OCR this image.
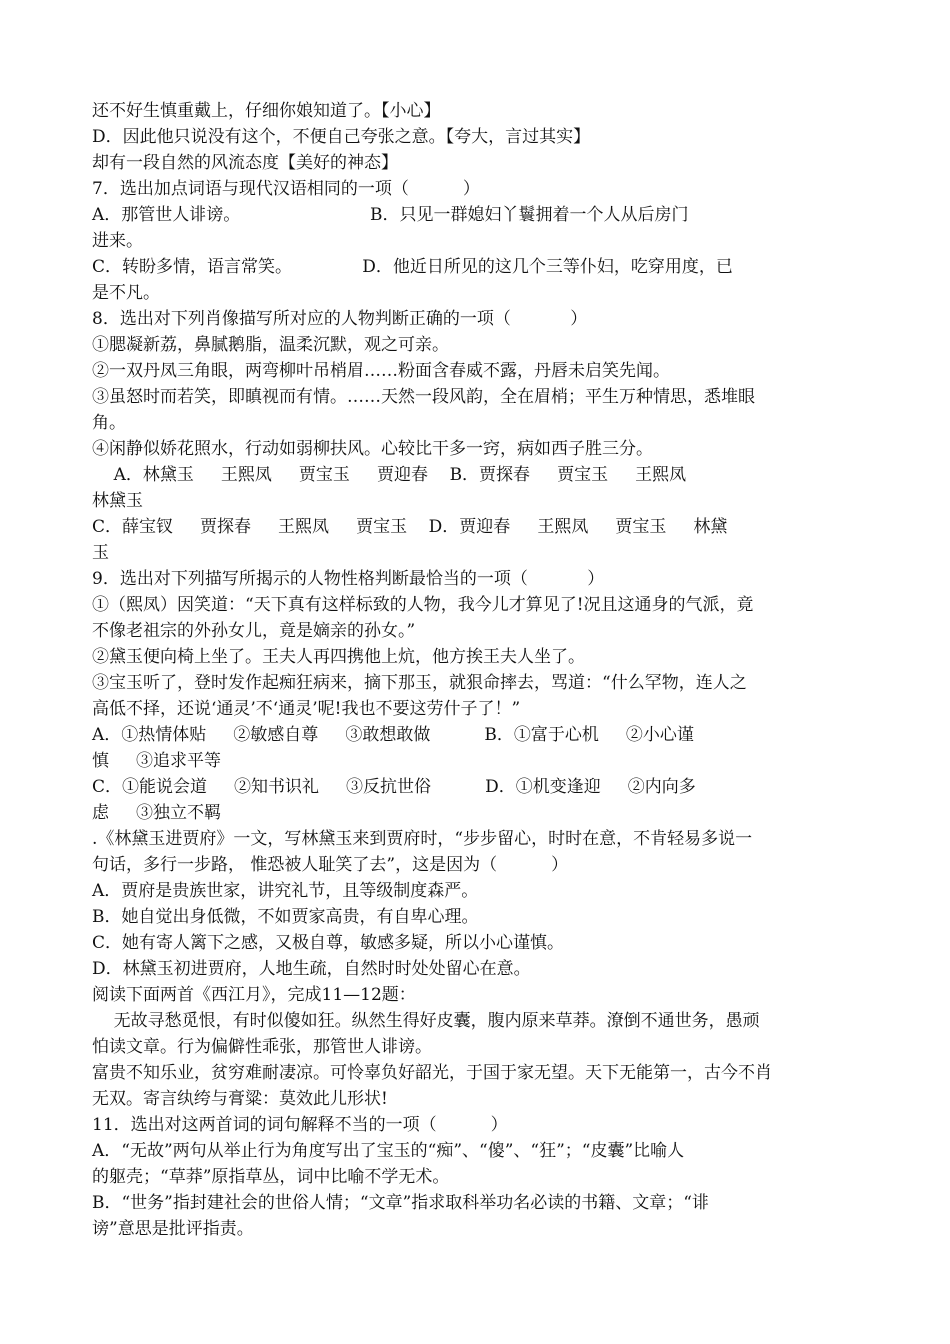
还不好生慎重戴上，仔细你娘知道了。【小心】
D．因此他只说没有这个，不便自己夸张之意。【夸大，言过其实】
却有一段自然的风流态度【美好的神态】
7．选出加点词语与现代汉语相同的一项（          ）
A．那管世人诽谤。                        B．只见一群媳妇丫鬟拥着一个人从后房门
进来。
C．转盼多情，语言常笑。             D．他近日所见的这几个三等仆妇，吃穿用度，已
是不凡。
8．选出对下列肖像描写所对应的人物判断正确的一项（           ）
①腮凝新荔，鼻腻鹅脂，温柔沉默，观之可亲。
②一双丹凤三角眼，两弯柳叶吊梢眉……粉面含春威不露，丹唇未启笑先闻。
③虽怒时而若笑，即瞋视而有情。……天然一段风韵，全在眉梢；平生万种情思，悉堆眼
角。
④闲静似娇花照水，行动如弱柳扶风。心较比干多一窍，病如西子胜三分。
A．林黛玉     王熙凤     贾宝玉     贾迎春    B．贾探春     贾宝玉     王熙凤
林黛玉
C．薛宝钗     贾探春     王熙凤     贾宝玉    D．贾迎春     王熙凤     贾宝玉     林黛
玉
9．选出对下列描写所揭示的人物性格判断最恰当的一项（           ）
①（熙凤）因笑道：“天下真有这样标致的人物，我今儿才算见了!况且这通身的气派，竟
不像老祖宗的外孙女儿，竟是嫡亲的孙女。”
②黛玉便向椅上坐了。王夫人再四携他上炕，他方挨王夫人坐了。
③宝玉听了，登时发作起痴狂病来，摘下那玉，就狠命摔去，骂道：“什么罕物，连人之
高低不择，还说‘通灵’不‘通灵’呢!我也不要这劳什子了！”
A．①热情体贴     ②敏感自尊     ③敢想敢做          B．①富于心机     ②小心谨
慎     ③追求平等
C．①能说会道     ②知书识礼     ③反抗世俗          D．①机变逢迎     ②内向多
虑     ③独立不羁
.《林黛玉进贾府》一文，写林黛玉来到贾府时，“步步留心，时时在意，不肯轻易多说一
句话，多行一步路， 惟恐被人耻笑了去”，这是因为（          ）
A．贾府是贵族世家，讲究礼节，且等级制度森严。
B．她自觉出身低微，不如贾家高贵，有自卑心理。
C．她有寄人篱下之感，又极自尊，敏感多疑，所以小心谨慎。
D．林黛玉初进贾府，人地生疏，自然时时处处留心在意。
阅读下面两首《西江月》，完成11—12题：
无故寻愁觅恨，有时似傻如狂。纵然生得好皮囊，腹内原来草莽。潦倒不通世务，愚顽
怕读文章。行为偏僻性乖张，那管世人诽谤。
富贵不知乐业，贫穷难耐凄凉。可怜辜负好韶光，于国于家无望。天下无能第一，古今不肖
无双。寄言纨绔与膏粱：莫效此儿形状!
11．选出对这两首词的词句解释不当的一项（          ）
A．“无故”两句从举止行为角度写出了宝玉的“痴”、“傻”、“狂”；“皮囊”比喻人
的躯壳；“草莽”原指草丛，词中比喻不学无术。
B．“世务”指封建社会的世俗人情；“文章”指求取科举功名必读的书籍、文章；“诽
谤”意思是批评指责。
